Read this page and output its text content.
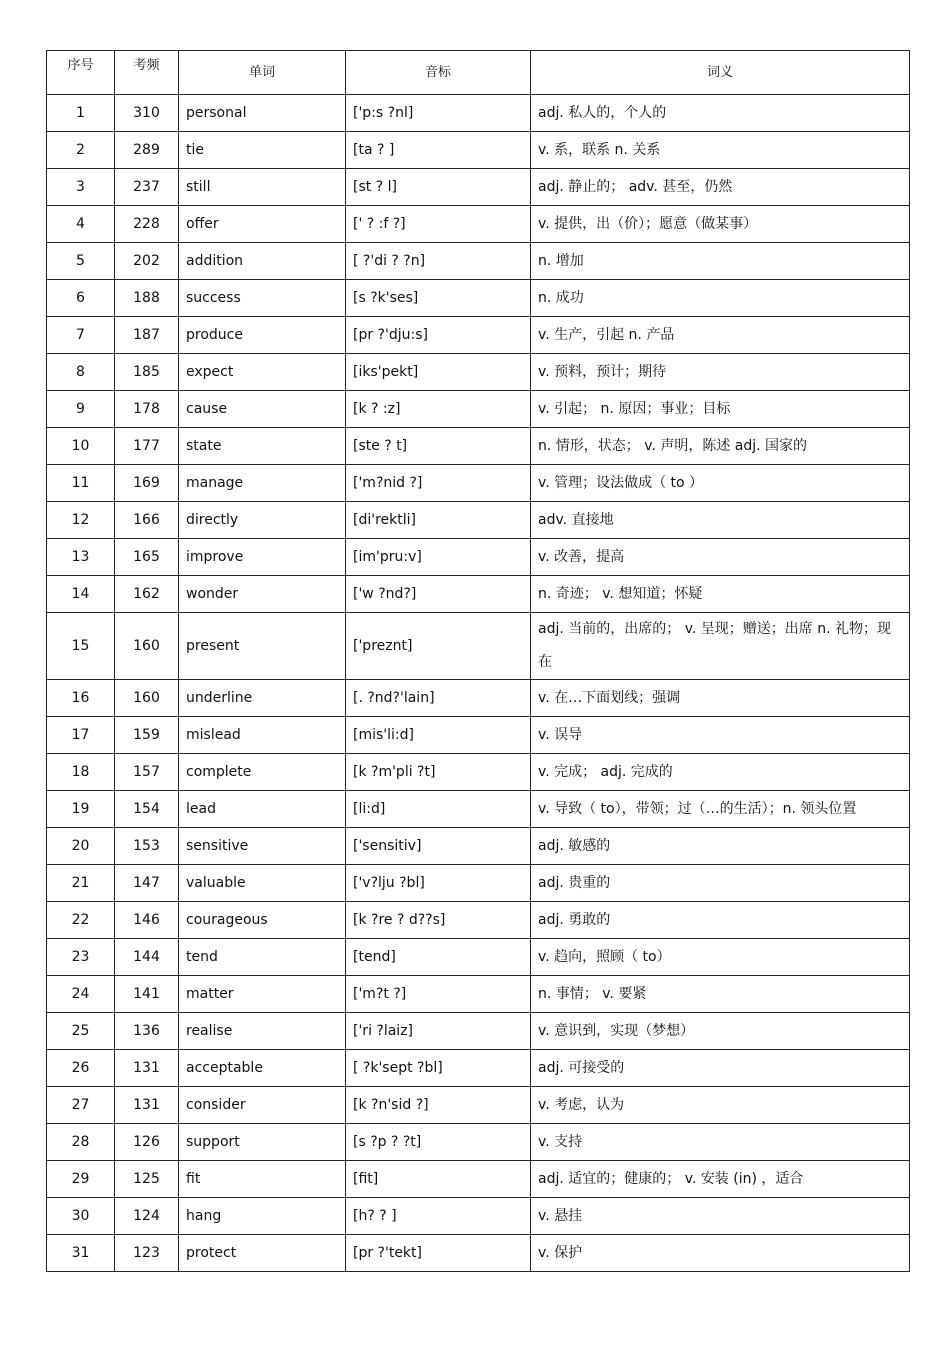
序号	考频	单词	音标	词义
1	310	personal	['p:s ?nl]	adj. 私人的，个人的
2	289	tie	[ta ? ]	v. 系，联系 n. 关系
3	237	still	[st ? l]	adj. 静止的； adv. 甚至，仍然
4	228	offer	[' ? :f ?]	v. 提供，出（价）；愿意（做某事）
5	202	addition	[ ?'di ? ?n]	n. 增加
6	188	success	[s ?k'ses]	n. 成功
7	187	produce	[pr ?'dju:s]	v. 生产，引起 n. 产品
8	185	expect	[iks'pekt]	v. 预料，预计；期待
9	178	cause	[k ? :z]	v. 引起； n. 原因；事业；目标
10	177	state	[ste ? t]	n. 情形，状态； v. 声明，陈述 adj. 国家的
11	169	manage	['m?nid ?]	v. 管理；设法做成（ to ）
12	166	directly	[di'rektli]	adv. 直接地
13	165	improve	[im'pru:v]	v. 改善，提高
14	162	wonder	['w ?nd?]	n. 奇迹； v. 想知道；怀疑
15	160	present	['preznt]	adj. 当前的，出席的； v. 呈现；赠送；出席 n. 礼物；现在
16	160	underline	[. ?nd?'lain]	v. 在…下面划线；强调
17	159	mislead	[mis'li:d]	v. 误导
18	157	complete	[k ?m'pli ?t]	v. 完成； adj. 完成的
19	154	lead	[li:d]	v. 导致（ to），带领；过（…的生活）；n. 领头位置
20	153	sensitive	['sensitiv]	adj. 敏感的
21	147	valuable	['v?lju ?bl]	adj. 贵重的
22	146	courageous	[k ?re ? d??s]	adj. 勇敢的
23	144	tend	[tend]	v. 趋向，照顾（ to）
24	141	matter	['m?t ?]	n. 事情； v. 要紧
25	136	realise	['ri ?laiz]	v. 意识到，实现（梦想）
26	131	acceptable	[ ?k'sept ?bl]	adj. 可接受的
27	131	consider	[k ?n'sid ?]	v. 考虑，认为
28	126	support	[s ?p ? ?t]	v. 支持
29	125	fit	[fit]	adj. 适宜的；健康的； v. 安装 (in) ，适合
30	124	hang	[h? ? ]	v. 悬挂
31	123	protect	[pr ?'tekt]	v. 保护
